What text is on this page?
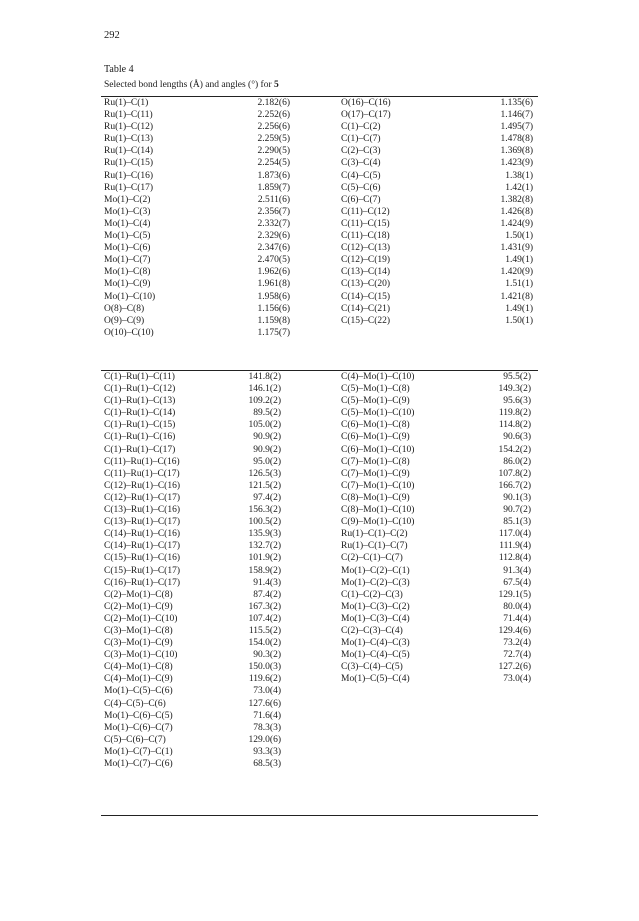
292
Table 4
Selected bond lengths (Å) and angles (°) for 5
Ru(1)–C(1)	2.182(6)
Ru(1)–C(11)	2.252(6)
Ru(1)–C(12)	2.256(6)
Ru(1)–C(13)	2.259(5)
Ru(1)–C(14)	2.290(5)
Ru(1)–C(15)	2.254(5)
Ru(1)–C(16)	1.873(6)
Ru(1)–C(17)	1.859(7)
Mo(1)–C(2)	2.511(6)
Mo(1)–C(3)	2.356(7)
Mo(1)–C(4)	2.332(7)
Mo(1)–C(5)	2.329(6)
Mo(1)–C(6)	2.347(6)
Mo(1)–C(7)	2.470(5)
Mo(1)–C(8)	1.962(6)
Mo(1)–C(9)	1.961(8)
Mo(1)–C(10)	1.958(6)
O(8)–C(8)	1.156(6)
O(9)–C(9)	1.159(8)
O(10)–C(10)	1.175(7)
O(16)–C(16)	1.135(6)
O(17)–C(17)	1.146(7)
C(1)–C(2)	1.495(7)
C(1)–C(7)	1.478(8)
C(2)–C(3)	1.369(8)
C(3)–C(4)	1.423(9)
C(4)–C(5)	1.38(1)
C(5)–C(6)	1.42(1)
C(6)–C(7)	1.382(8)
C(11)–C(12)	1.426(8)
C(11)–C(15)	1.424(9)
C(11)–C(18)	1.50(1)
C(12)–C(13)	1.431(9)
C(12)–C(19)	1.49(1)
C(13)–C(14)	1.420(9)
C(13)–C(20)	1.51(1)
C(14)–C(15)	1.421(8)
C(14)–C(21)	1.49(1)
C(15)–C(22)	1.50(1)
C(1)–Ru(1)–C(11)	141.8(2)
C(1)–Ru(1)–C(12)	146.1(2)
C(1)–Ru(1)–C(13)	109.2(2)
C(1)–Ru(1)–C(14)	89.5(2)
C(1)–Ru(1)–C(15)	105.0(2)
C(1)–Ru(1)–C(16)	90.9(2)
C(1)–Ru(1)–C(17)	90.9(2)
C(11)–Ru(1)–C(16)	95.0(2)
C(11)–Ru(1)–C(17)	126.5(3)
C(12)–Ru(1)–C(16)	121.5(2)
C(12)–Ru(1)–C(17)	97.4(2)
C(13)–Ru(1)–C(16)	156.3(2)
C(13)–Ru(1)–C(17)	100.5(2)
C(14)–Ru(1)–C(16)	135.9(3)
C(14)–Ru(1)–C(17)	132.7(2)
C(15)–Ru(1)–C(16)	101.9(2)
C(15)–Ru(1)–C(17)	158.9(2)
C(16)–Ru(1)–C(17)	91.4(3)
C(2)–Mo(1)–C(8)	87.4(2)
C(2)–Mo(1)–C(9)	167.3(2)
C(2)–Mo(1)–C(10)	107.4(2)
C(3)–Mo(1)–C(8)	115.5(2)
C(3)–Mo(1)–C(9)	154.0(2)
C(3)–Mo(1)–C(10)	90.3(2)
C(4)–Mo(1)–C(8)	150.0(3)
C(4)–Mo(1)–C(9)	119.6(2)
Mo(1)–C(5)–C(6)	73.0(4)
C(4)–C(5)–C(6)	127.6(6)
Mo(1)–C(6)–C(5)	71.6(4)
Mo(1)–C(6)–C(7)	78.3(3)
C(5)–C(6)–C(7)	129.0(6)
Mo(1)–C(7)–C(1)	93.3(3)
Mo(1)–C(7)–C(6)	68.5(3)
C(4)–Mo(1)–C(10)	95.5(2)
C(5)–Mo(1)–C(8)	149.3(2)
C(5)–Mo(1)–C(9)	95.6(3)
C(5)–Mo(1)–C(10)	119.8(2)
C(6)–Mo(1)–C(8)	114.8(2)
C(6)–Mo(1)–C(9)	90.6(3)
C(6)–Mo(1)–C(10)	154.2(2)
C(7)–Mo(1)–C(8)	86.0(2)
C(7)–Mo(1)–C(9)	107.8(2)
C(7)–Mo(1)–C(10)	166.7(2)
C(8)–Mo(1)–C(9)	90.1(3)
C(8)–Mo(1)–C(10)	90.7(2)
C(9)–Mo(1)–C(10)	85.1(3)
Ru(1)–C(1)–C(2)	117.0(4)
Ru(1)–C(1)–C(7)	111.9(4)
C(2)–C(1)–C(7)	112.8(4)
Mo(1)–C(2)–C(1)	91.3(4)
Mo(1)–C(2)–C(3)	67.5(4)
C(1)–C(2)–C(3)	129.1(5)
Mo(1)–C(3)–C(2)	80.0(4)
Mo(1)–C(3)–C(4)	71.4(4)
C(2)–C(3)–C(4)	129.4(6)
Mo(1)–C(4)–C(3)	73.2(4)
Mo(1)–C(4)–C(5)	72.7(4)
C(3)–C(4)–C(5)	127.2(6)
Mo(1)–C(5)–C(4)	73.0(4)
